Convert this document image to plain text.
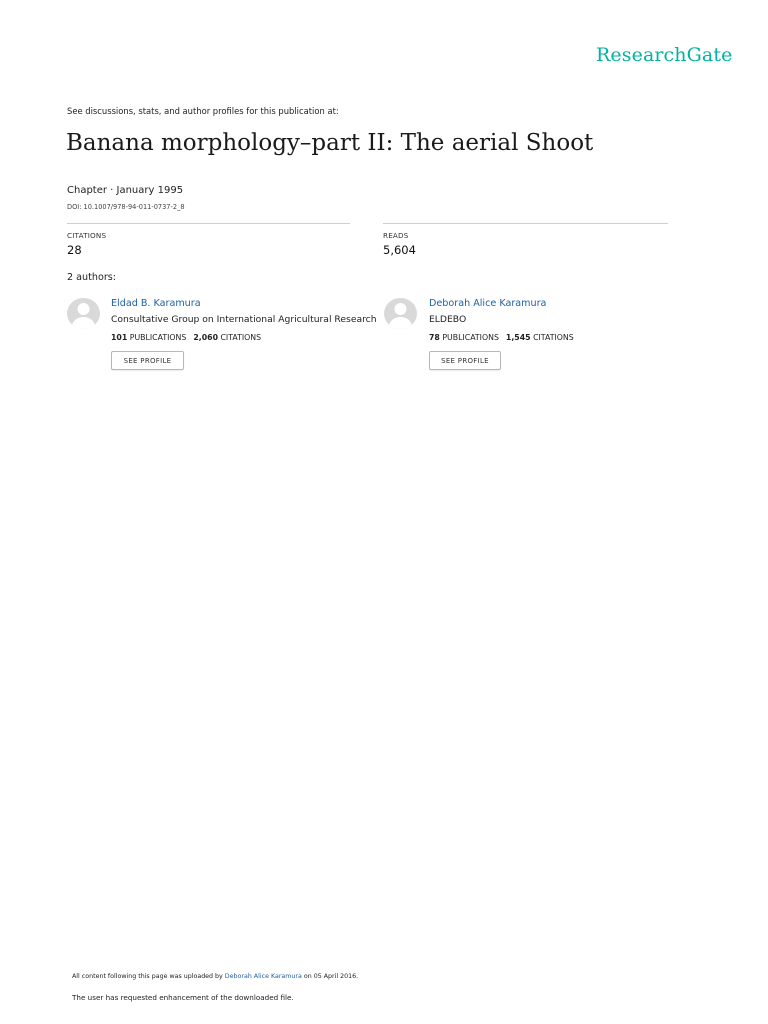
ResearchGate
See discussions, stats, and author profiles for this publication at:
Banana morphology–part II: The aerial Shoot
Chapter · January 1995
DOI: 10.1007/978-94-011-0737-2_8
CITATIONS
28
READS
5,604
2 authors:
Eldad B. Karamura
Consultative Group on International Agricultural Research
101 PUBLICATIONS 2,060 CITATIONS
SEE PROFILE
Deborah Alice Karamura
ELDEBO
78 PUBLICATIONS 1,545 CITATIONS
SEE PROFILE
All content following this page was uploaded by Deborah Alice Karamura on 05 April 2016.
The user has requested enhancement of the downloaded file.
